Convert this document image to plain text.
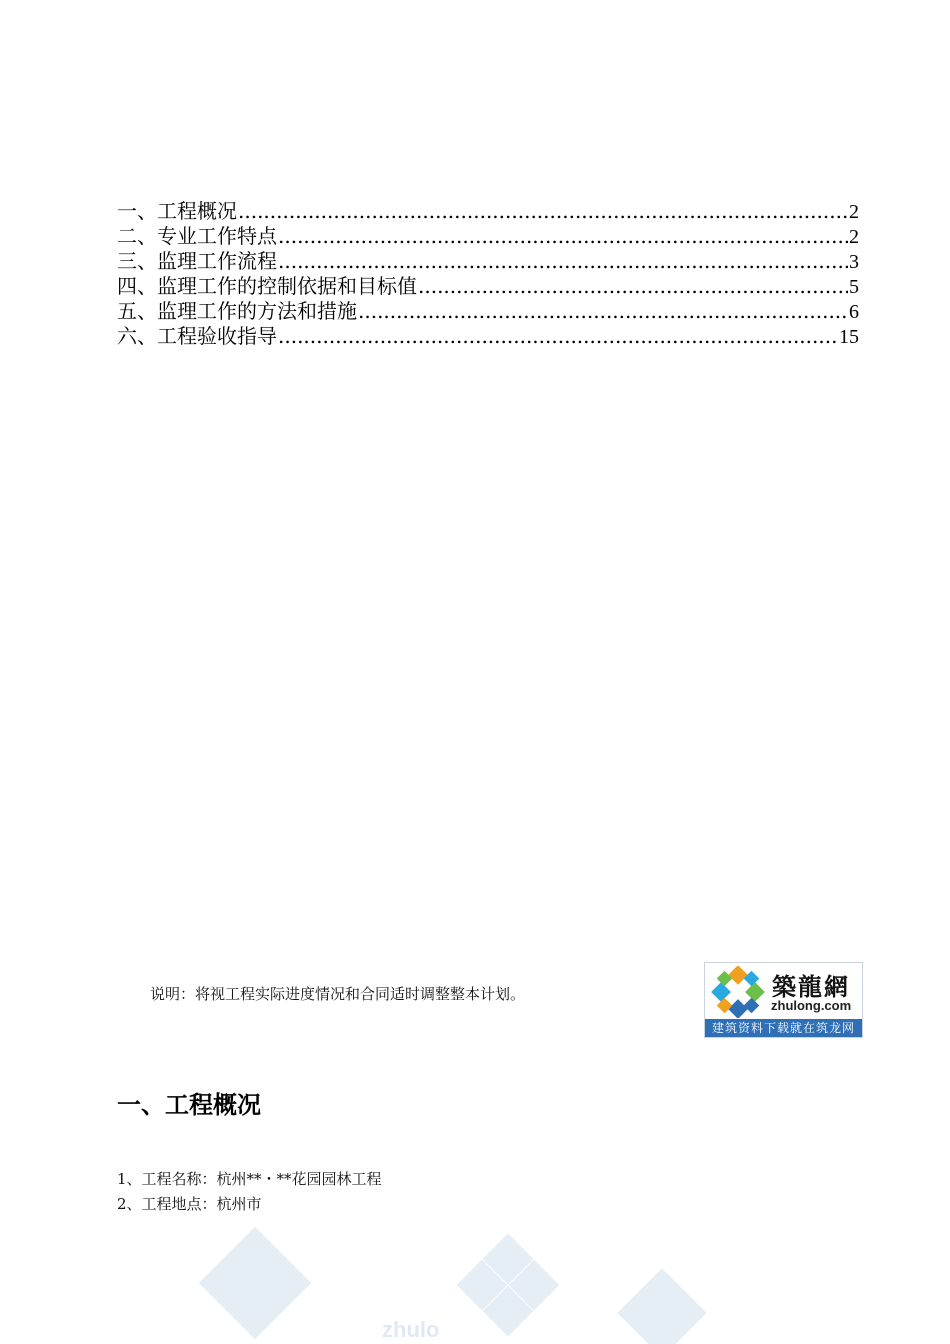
一、工程概况 .....	2
二、专业工作特点 .....	2
三、监理工作流程 .....	3
四、监理工作的控制依据和目标值 .....	5
五、监理工作的方法和措施 .....	6
六、工程验收指导 .....	15
说明：将视工程实际进度情况和合同适时调整整本计划。	築龍網
zhulong.com
建筑资料下载就在筑龙网
一、工程概况
1、工程名称：杭州**・**花园园林工程
2、工程地点：杭州市
zhulo
